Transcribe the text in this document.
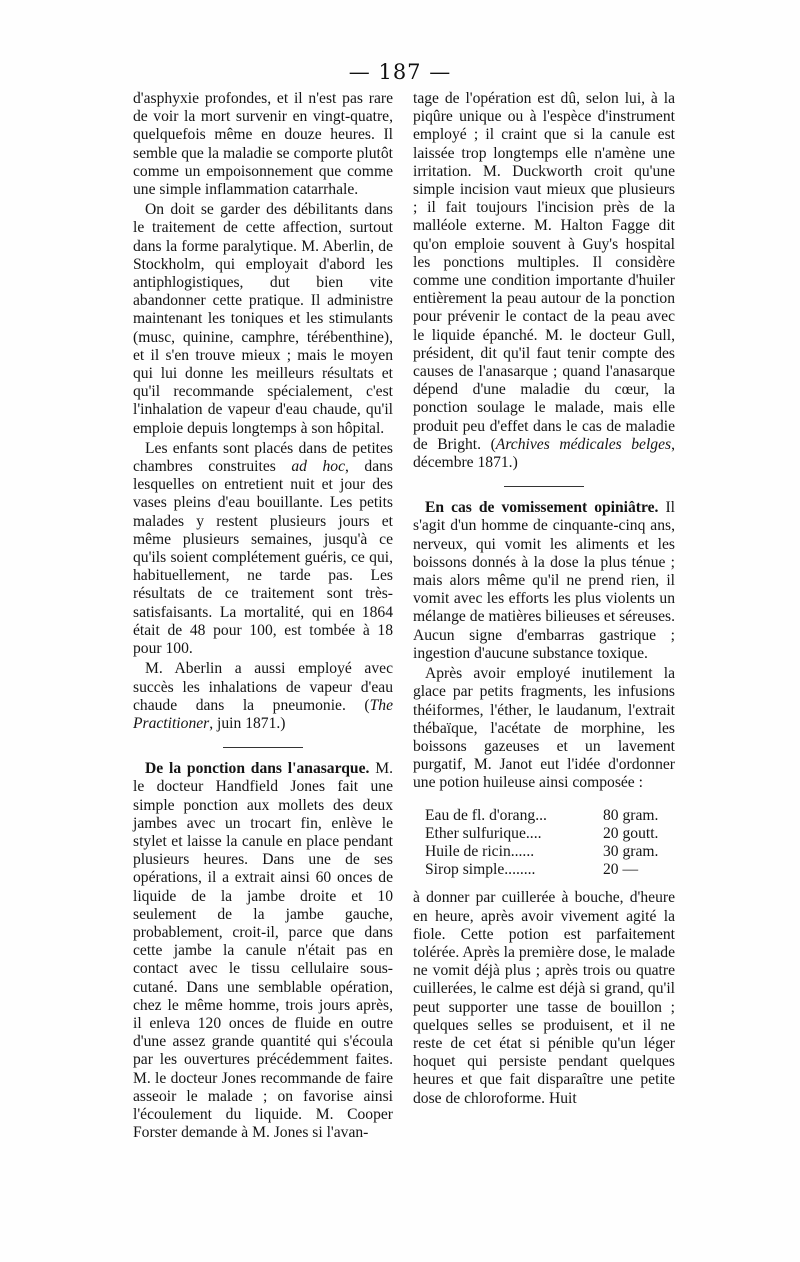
— 187 —

d'asphyxie profondes, et il n'est pas rare de voir la mort survenir en vingt-quatre, quelquefois même en douze heures. Il semble que la maladie se comporte plutôt comme un empoisonnement que comme une simple inflammation catarrhale.

On doit se garder des débilitants dans le traitement de cette affection, surtout dans la forme paralytique. M. Aberlin, de Stockholm, qui employait d'abord les antiphlogistiques, dut bien vite abandonner cette pratique. Il administre maintenant les toniques et les stimulants (musc, quinine, camphre, térébenthine), et il s'en trouve mieux ; mais le moyen qui lui donne les meilleurs résultats et qu'il recommande spécialement, c'est l'inhalation de vapeur d'eau chaude, qu'il emploie depuis longtemps à son hôpital.

Les enfants sont placés dans de petites chambres construites ad hoc, dans lesquelles on entretient nuit et jour des vases pleins d'eau bouillante. Les petits malades y restent plusieurs jours et même plusieurs semaines, jusqu'à ce qu'ils soient complétement guéris, ce qui, habituellement, ne tarde pas. Les résultats de ce traitement sont très-satisfaisants. La mortalité, qui en 1864 était de 48 pour 100, est tombée à 18 pour 100.

M. Aberlin a aussi employé avec succès les inhalations de vapeur d'eau chaude dans la pneumonie. (The Practitioner, juin 1871.)

De la ponction dans l'anasarque. M. le docteur Handfield Jones fait une simple ponction aux mollets des deux jambes avec un trocart fin, enlève le stylet et laisse la canule en place pendant plusieurs heures. Dans une de ses opérations, il a extrait ainsi 60 onces de liquide de la jambe droite et 10 seulement de la jambe gauche, probablement, croit-il, parce que dans cette jambe la canule n'était pas en contact avec le tissu cellulaire sous-cutané. Dans une semblable opération, chez le même homme, trois jours après, il enleva 120 onces de fluide en outre d'une assez grande quantité qui s'écoula par les ouvertures précédemment faites. M. le docteur Jones recommande de faire asseoir le malade ; on favorise ainsi l'écoulement du liquide. M. Cooper Forster demande à M. Jones si l'avan-

tage de l'opération est dû, selon lui, à la piqûre unique ou à l'espèce d'instrument employé ; il craint que si la canule est laissée trop longtemps elle n'amène une irritation. M. Duckworth croit qu'une simple incision vaut mieux que plusieurs ; il fait toujours l'incision près de la malléole externe. M. Halton Fagge dit qu'on emploie souvent à Guy's hospital les ponctions multiples. Il considère comme une condition importante d'huiler entièrement la peau autour de la ponction pour prévenir le contact de la peau avec le liquide épanché. M. le docteur Gull, président, dit qu'il faut tenir compte des causes de l'anasarque ; quand l'anasarque dépend d'une maladie du cœur, la ponction soulage le malade, mais elle produit peu d'effet dans le cas de maladie de Bright. (Archives médicales belges, décembre 1871.)

En cas de vomissement opiniâtre. Il s'agit d'un homme de cinquante-cinq ans, nerveux, qui vomit les aliments et les boissons donnés à la dose la plus ténue ; mais alors même qu'il ne prend rien, il vomit avec les efforts les plus violents un mélange de matières bilieuses et séreuses. Aucun signe d'embarras gastrique ; ingestion d'aucune substance toxique.

Après avoir employé inutilement la glace par petits fragments, les infusions théiformes, l'éther, le laudanum, l'extrait thébaïque, l'acétate de morphine, les boissons gazeuses et un lavement purgatif, M. Janot eut l'idée d'ordonner une potion huileuse ainsi composée :

Eau de fl. d'orang...	80 gram.
Ether sulfurique....	20 goutt.
Huile de ricin......	30 gram.
Sirop simple........	20 —

à donner par cuillerée à bouche, d'heure en heure, après avoir vivement agité la fiole. Cette potion est parfaitement tolérée. Après la première dose, le malade ne vomit déjà plus ; après trois ou quatre cuillerées, le calme est déjà si grand, qu'il peut supporter une tasse de bouillon ; quelques selles se produisent, et il ne reste de cet état si pénible qu'un léger hoquet qui persiste pendant quelques heures et que fait disparaître une petite dose de chloroforme. Huit
